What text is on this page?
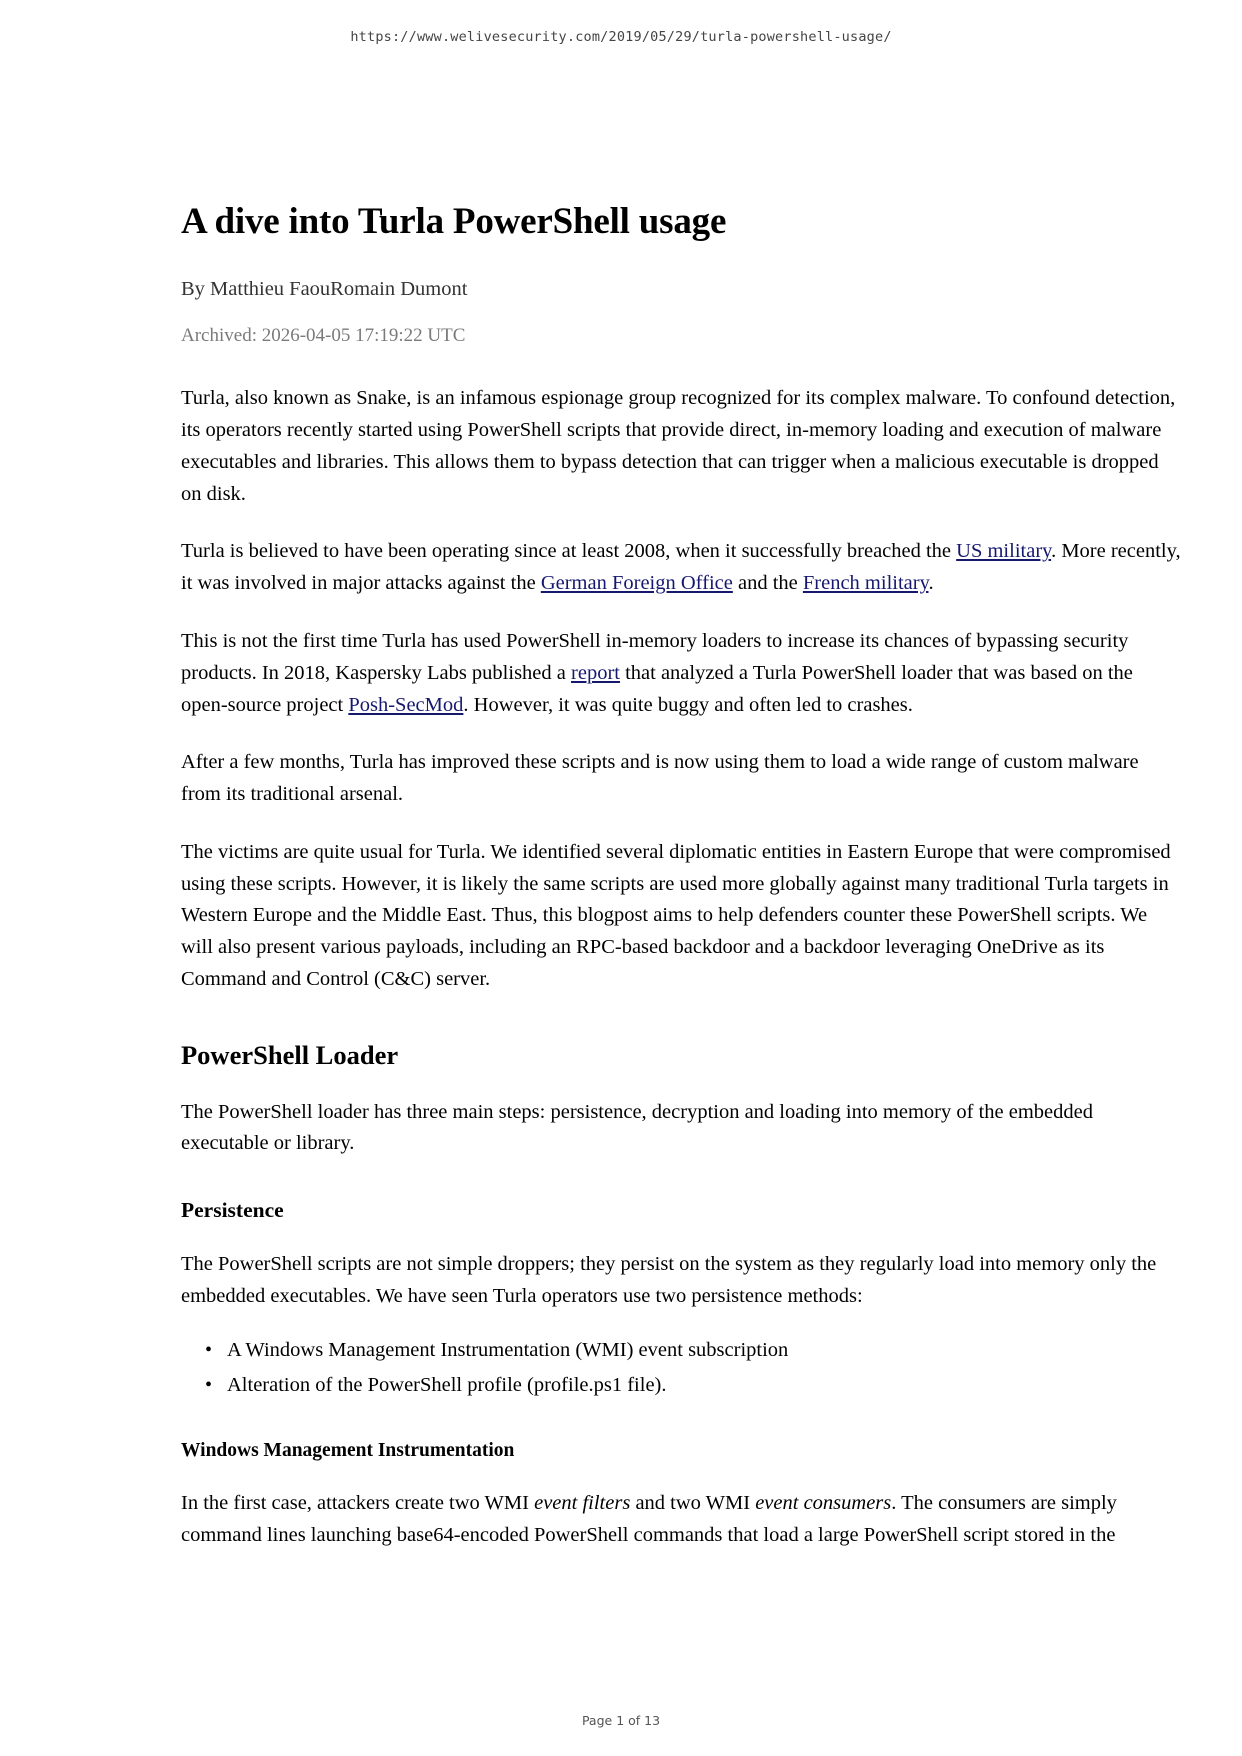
https://www.welivesecurity.com/2019/05/29/turla-powershell-usage/
A dive into Turla PowerShell usage
By Matthieu FaouRomain Dumont
Archived: 2026-04-05 17:19:22 UTC

Turla, also known as Snake, is an infamous espionage group recognized for its complex malware. To confound detection, its operators recently started using PowerShell scripts that provide direct, in-memory loading and execution of malware executables and libraries. This allows them to bypass detection that can trigger when a malicious executable is dropped on disk.

Turla is believed to have been operating since at least 2008, when it successfully breached the US military. More recently, it was involved in major attacks against the German Foreign Office and the French military.

This is not the first time Turla has used PowerShell in-memory loaders to increase its chances of bypassing security products. In 2018, Kaspersky Labs published a report that analyzed a Turla PowerShell loader that was based on the open-source project Posh-SecMod. However, it was quite buggy and often led to crashes.

After a few months, Turla has improved these scripts and is now using them to load a wide range of custom malware from its traditional arsenal.

The victims are quite usual for Turla. We identified several diplomatic entities in Eastern Europe that were compromised using these scripts. However, it is likely the same scripts are used more globally against many traditional Turla targets in Western Europe and the Middle East. Thus, this blogpost aims to help defenders counter these PowerShell scripts. We will also present various payloads, including an RPC-based backdoor and a backdoor leveraging OneDrive as its Command and Control (C&C) server.

PowerShell Loader

The PowerShell loader has three main steps: persistence, decryption and loading into memory of the embedded executable or library.

Persistence

The PowerShell scripts are not simple droppers; they persist on the system as they regularly load into memory only the embedded executables. We have seen Turla operators use two persistence methods:

• A Windows Management Instrumentation (WMI) event subscription
• Alteration of the PowerShell profile (profile.ps1 file).
Windows Management Instrumentation

In the first case, attackers create two WMI event filters and two WMI event consumers. The consumers are simply command lines launching base64-encoded PowerShell commands that load a large PowerShell script stored in the

Page 1 of 13
